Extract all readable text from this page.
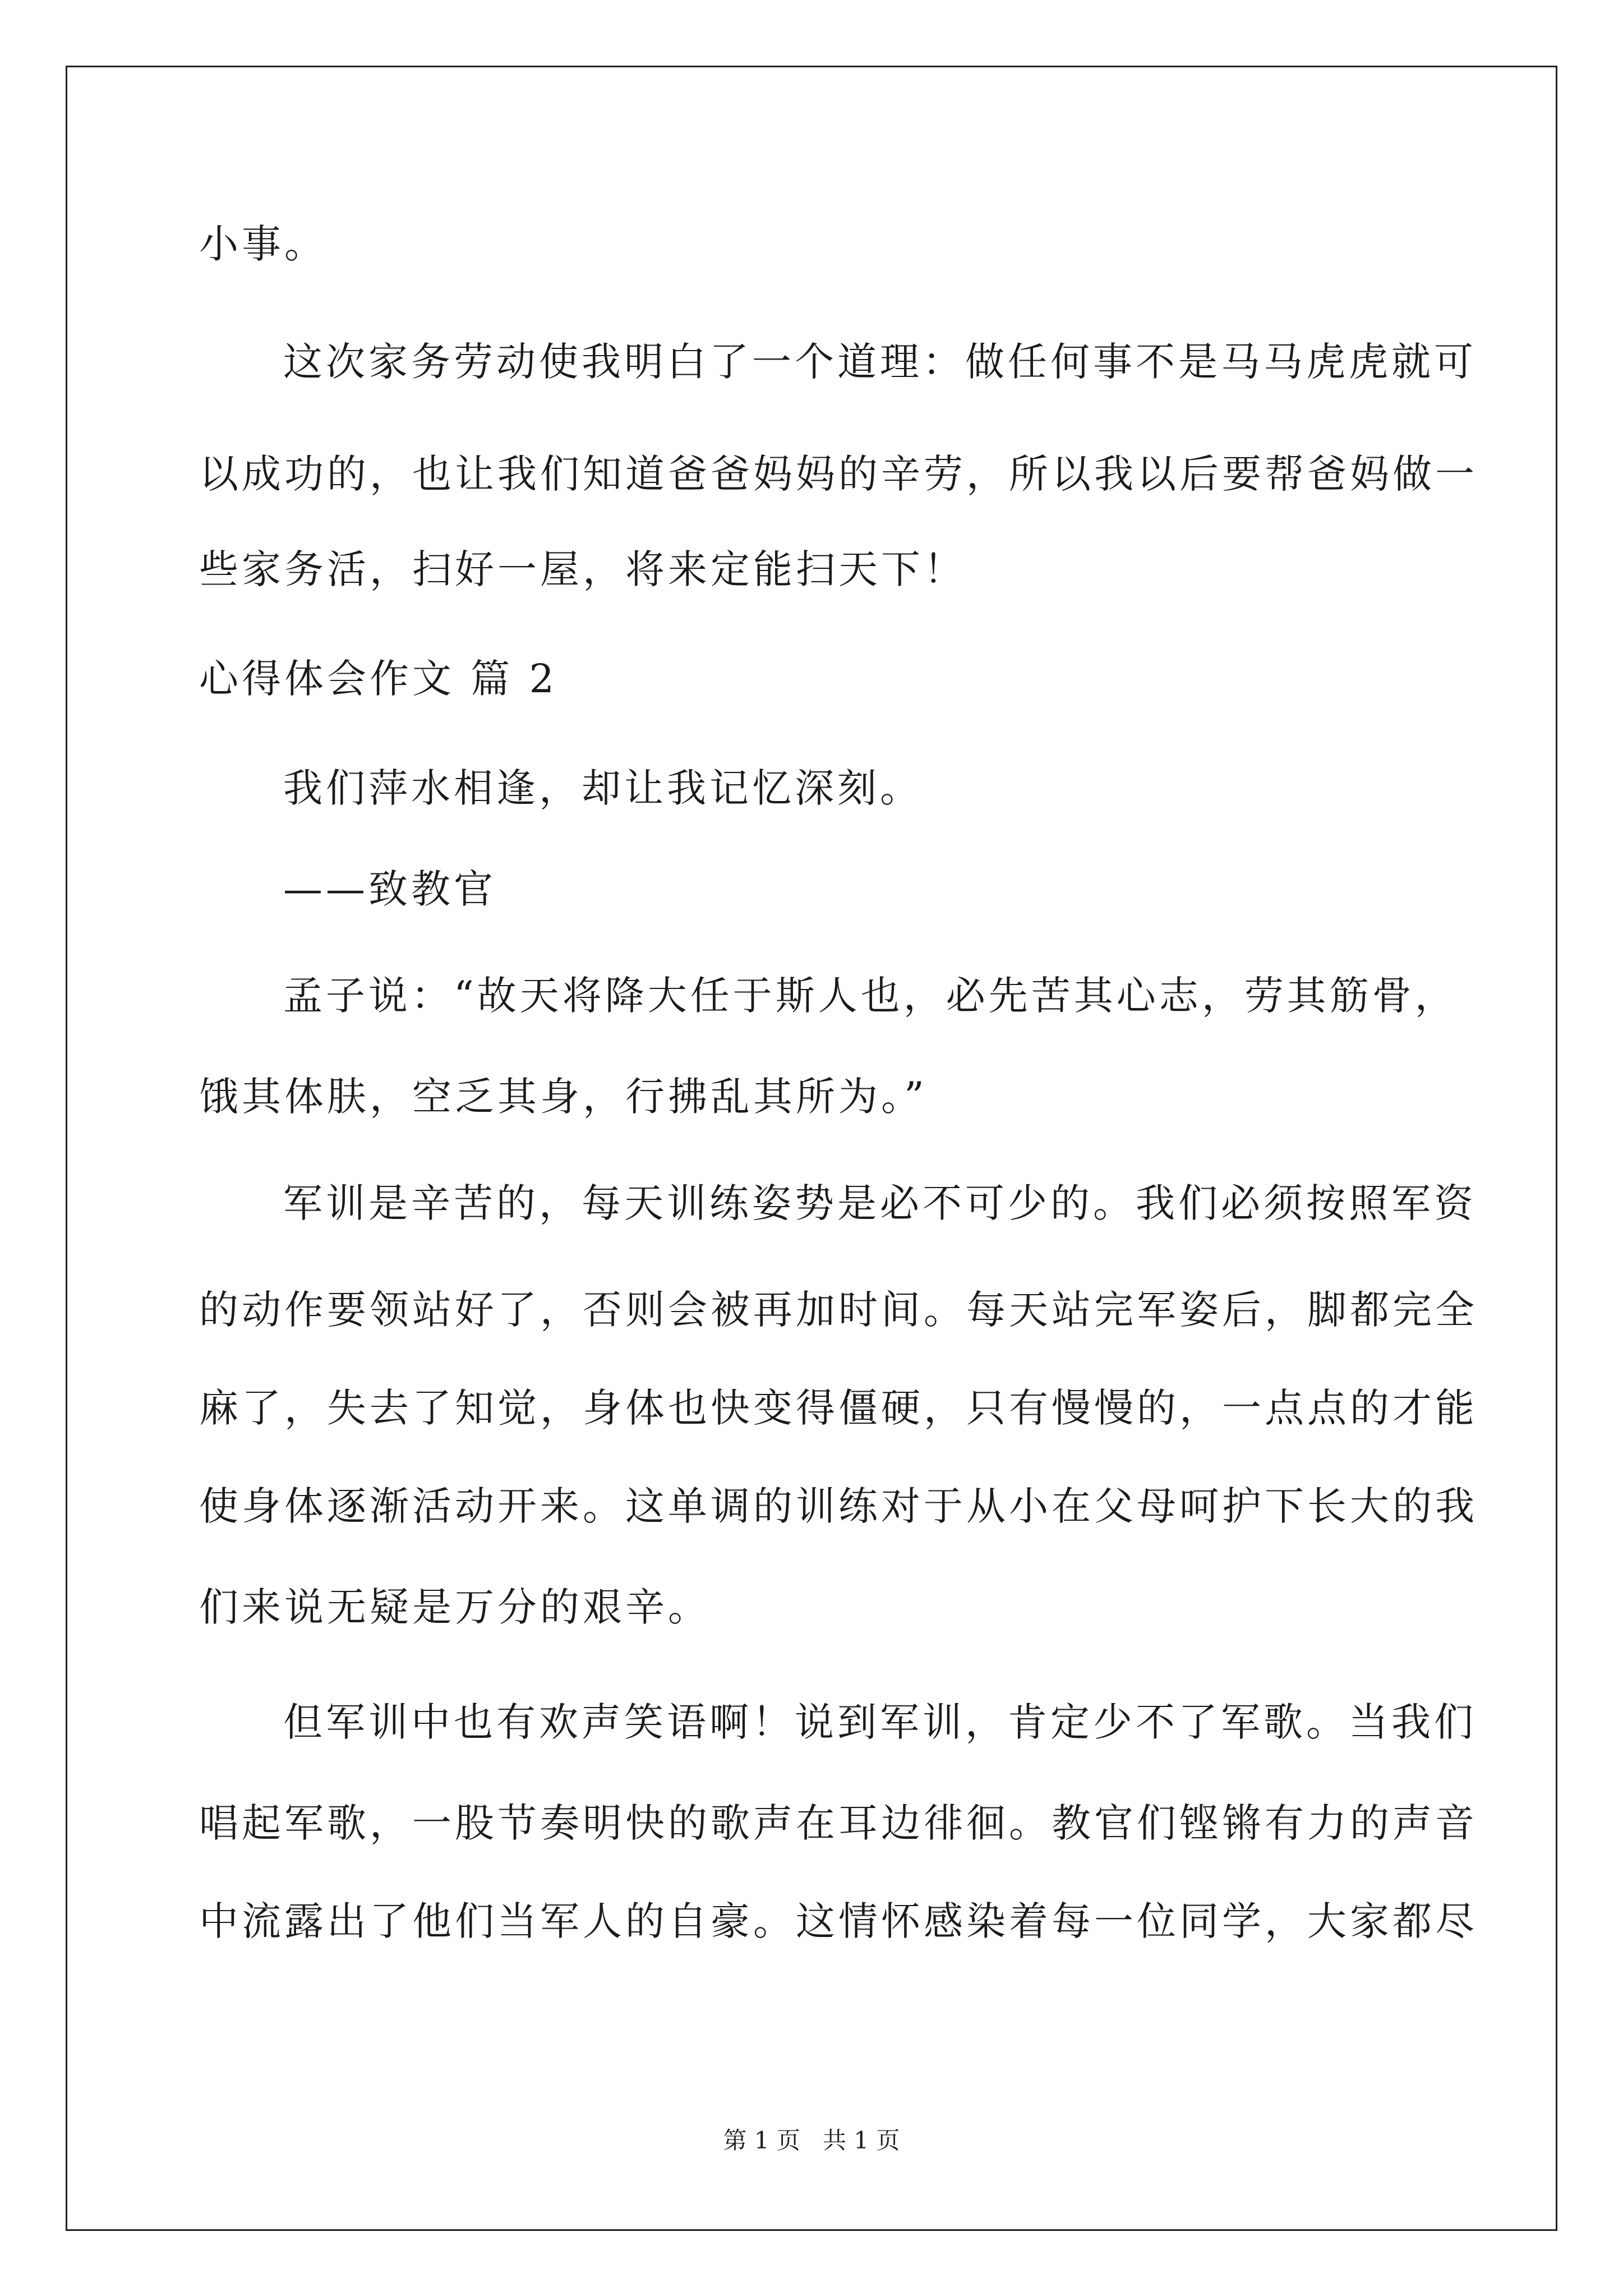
小事。
这次家务劳动使我明白了一个道理：做任何事不是马马虎虎就可
以成功的，也让我们知道爸爸妈妈的辛劳，所以我以后要帮爸妈做一
些家务活，扫好一屋，将来定能扫天下！
心得体会作文 篇 2
我们萍水相逢，却让我记忆深刻。
——致教官
孟子说：“故天将降大任于斯人也，必先苦其心志，劳其筋骨，
饿其体肤，空乏其身，行拂乱其所为。”
军训是辛苦的，每天训练姿势是必不可少的。我们必须按照军资
的动作要领站好了，否则会被再加时间。每天站完军姿后，脚都完全
麻了，失去了知觉，身体也快变得僵硬，只有慢慢的，一点点的才能
使身体逐渐活动开来。这单调的训练对于从小在父母呵护下长大的我
们来说无疑是万分的艰辛。
但军训中也有欢声笑语啊！说到军训，肯定少不了军歌。当我们
唱起军歌，一股节奏明快的歌声在耳边徘徊。教官们铿锵有力的声音
中流露出了他们当军人的自豪。这情怀感染着每一位同学，大家都尽
第 1 页   共 1 页
